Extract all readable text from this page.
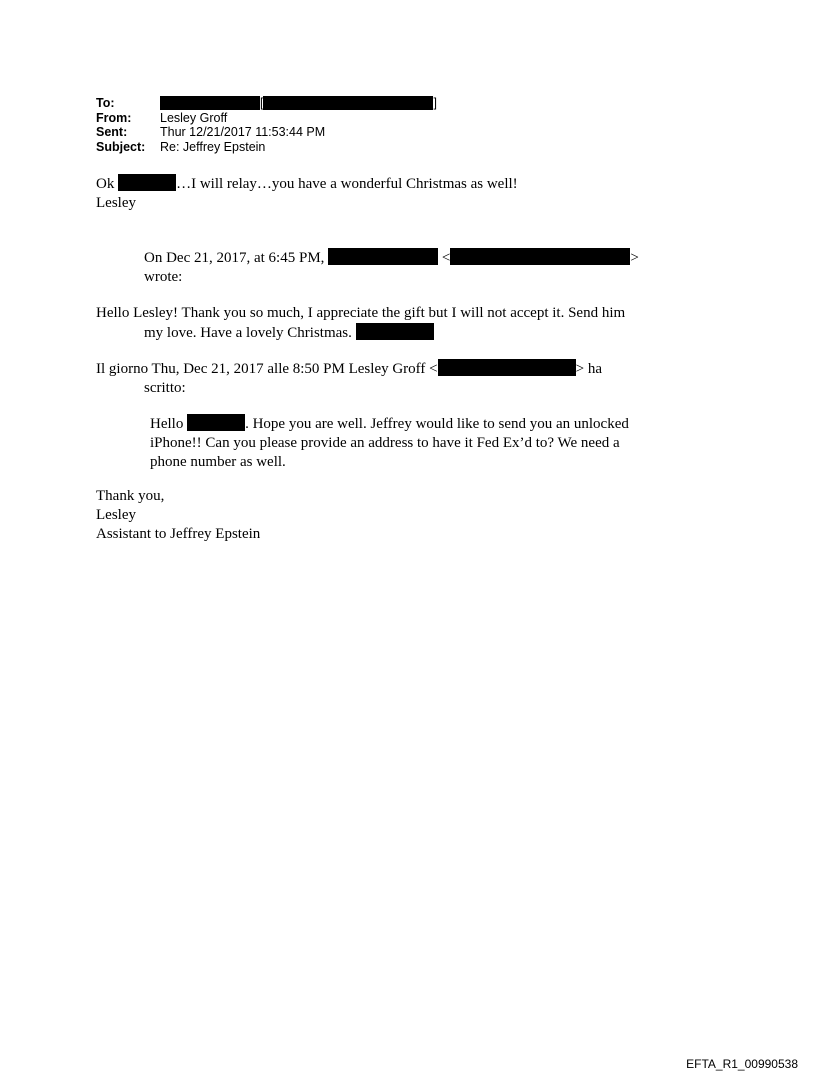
To:	[	]
From:	Lesley Groff
Sent:	Thur 12/21/2017 11:53:44 PM
Subject:	Re: Jeffrey Epstein
Ok	…I will relay…you have a wonderful Christmas as well!
Lesley
On Dec 21, 2017, at 6:45 PM,	<	>
wrote:
Hello Lesley! Thank you so much, I appreciate the gift but I will not accept it. Send him
my love. Have a lovely Christmas.
Il giorno Thu, Dec 21, 2017 alle 8:50 PM Lesley Groff <	> ha
scritto:
Hello	. Hope you are well. Jeffrey would like to send you an unlocked
iPhone!! Can you please provide an address to have it Fed Ex’d to? We need a
phone number as well.
Thank you,
Lesley
Assistant to Jeffrey Epstein
EFTA_R1_00990538
